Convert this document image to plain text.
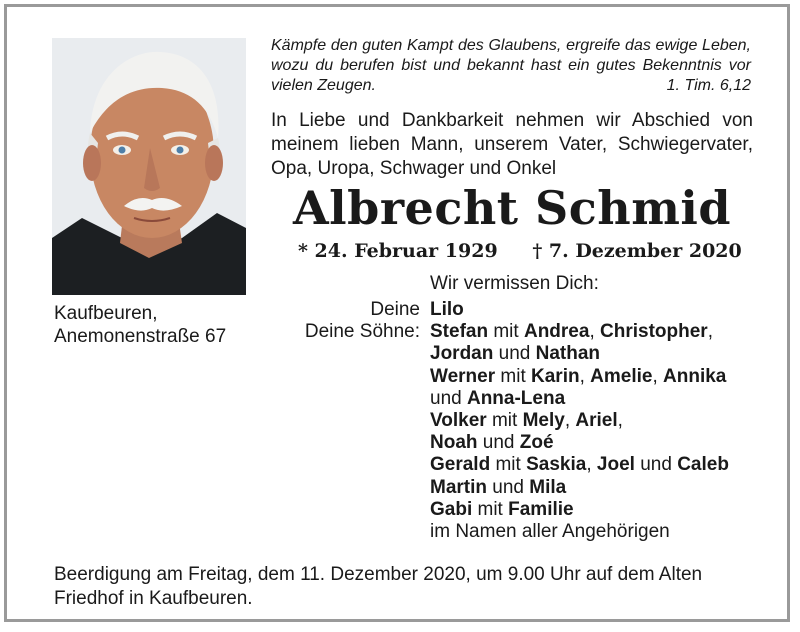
Kaufbeuren,
Anemonenstraße 67
Kämpfe den guten Kampt des Glaubens, ergreife das ewige Leben, wozu du berufen bist und bekannt hast ein gutes Bekenntnis vor vielen Zeugen.	1. Tim. 6,12
In Liebe und Dankbarkeit nehmen wir Abschied von meinem lieben Mann, unserem Vater, Schwiegervater, Opa, Uropa, Schwager und Onkel
Albrecht Schmid
* 24. Februar 1929 † 7. Dezember 2020
Wir vermissen Dich:
Deine
Deine Söhne:
Lilo
Stefan mit Andrea, Christopher,
Jordan und Nathan
Werner mit Karin, Amelie, Annika
und Anna-Lena
Volker mit Mely, Ariel,
Noah und Zoé
Gerald mit Saskia, Joel und Caleb
Martin und Mila
Gabi mit Familie
im Namen aller Angehörigen
Beerdigung am Freitag, dem 11. Dezember 2020, um 9.00 Uhr auf dem Alten Friedhof in Kaufbeuren.
